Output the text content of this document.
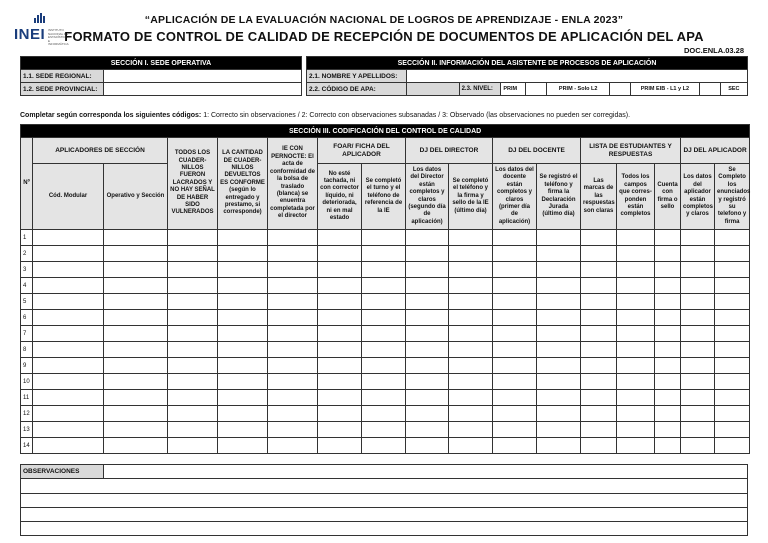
INEI INSTITUTO NACIONAL DE ESTADÍSTICA E INFORMÁTICA
“APLICACIÓN DE LA EVALUACIÓN NACIONAL DE LOGROS DE APRENDIZAJE - ENLA 2023”
FORMATO DE CONTROL DE CALIDAD DE RECEPCIÓN DE DOCUMENTOS DE APLICACIÓN DEL APA
DOC.ENLA.03.28
SECCIÓN I. SEDE OPERATIVA	
1.1. SEDE REGIONAL:	
1.2. SEDE PROVINCIAL:	
SECCIÓN II. INFORMACIÓN DEL ASISTENTE DE PROCESOS DE APLICACIÓN									
2.1. NOMBRE Y APELLIDOS:									
2.2. CÓDIGO DE APA:		2.3. NIVEL:	PRIM		PRIM - Solo L2		PRIM EIB - L1 y L2		SEC
Completar según corresponda los siguientes códigos: 1: Correcto sin observaciones / 2: Correcto con observaciones subsanadas / 3: Observado (las observaciones no pueden ser corregidas).
SECCIÓN III. CODIFICACIÓN DEL CONTROL DE CALIDAD																
Nº	APLICADORES DE SECCIÓN		TODOS LOS CUADER-NILLOS FUERON LACRADOS Y NO HAY SEÑAL DE HABER SIDO VULNERADOS	LA CANTIDAD DE CUADER-NILLOS DEVUELTOS ES CONFORME (según lo entregado y prestamo, si corresponde)	IE CON PERNOCTE: El acta de conformidad de la bolsa de traslado (blanca) se enuentra completada por el director	FOAR/ FICHA DEL APLICADOR		DJ DEL DIRECTOR		DJ DEL DOCENTE		LISTA DE ESTUDIANTES Y RESPUESTAS			DJ DEL APLICADOR	
	Cód. Modular	Operativo y Sección				No esté tachada, ni con corrector líquido, ni deteriorada, ni en mal estado	Se completó el turno y el teléfono de referencia de la IE	Los datos del Director están completos y claros (segundo día de aplicación)	Se completó el teléfono y la firma y sello de la IE (último día)	Los datos del docente están completos y claros (primer día de aplicación)	Se registró el teléfono y firma la Declaración Jurada (último día)	Las marcas de las respuestas son claras	Todos los campos que corres-ponden están completos	Cuenta con firma o sello	Los datos del aplicador están completos y claros	Se Completo los enunciados y registró su telefono y firma
1																
2																
3																
4																
5																
6																
7																
8																
9																
10																
11																
12																
13																
14																
OBSERVACIONES	
